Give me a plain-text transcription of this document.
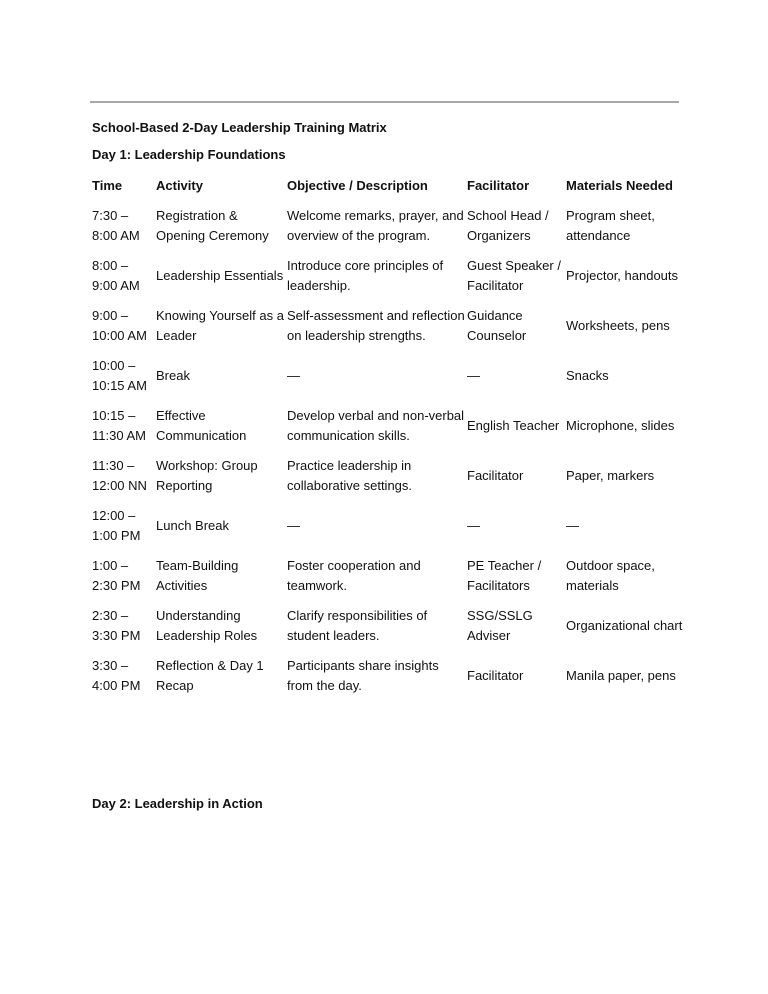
School-Based 2-Day Leadership Training Matrix
Day 1: Leadership Foundations
Time	Activity	Objective / Description	Facilitator	Materials Needed
7:30 – 8:00 AM	Registration & Opening Ceremony	Welcome remarks, prayer, and overview of the program.	School Head / Organizers	Program sheet, attendance
8:00 – 9:00 AM	Leadership Essentials	Introduce core principles of leadership.	Guest Speaker / Facilitator	Projector, handouts
9:00 – 10:00 AM	Knowing Yourself as a Leader	Self-assessment and reflection on leadership strengths.	Guidance Counselor	Worksheets, pens
10:00 – 10:15 AM	Break	—	—	Snacks
10:15 – 11:30 AM	Effective Communication	Develop verbal and non-verbal communication skills.	English Teacher	Microphone, slides
11:30 – 12:00 NN	Workshop: Group Reporting	Practice leadership in collaborative settings.	Facilitator	Paper, markers
12:00 – 1:00 PM	Lunch Break	—	—	—
1:00 – 2:30 PM	Team-Building Activities	Foster cooperation and teamwork.	PE Teacher / Facilitators	Outdoor space, materials
2:30 – 3:30 PM	Understanding Leadership Roles	Clarify responsibilities of student leaders.	SSG/SSLG Adviser	Organizational chart
3:30 – 4:00 PM	Reflection & Day 1 Recap	Participants share insights from the day.	Facilitator	Manila paper, pens
Day 2: Leadership in Action
